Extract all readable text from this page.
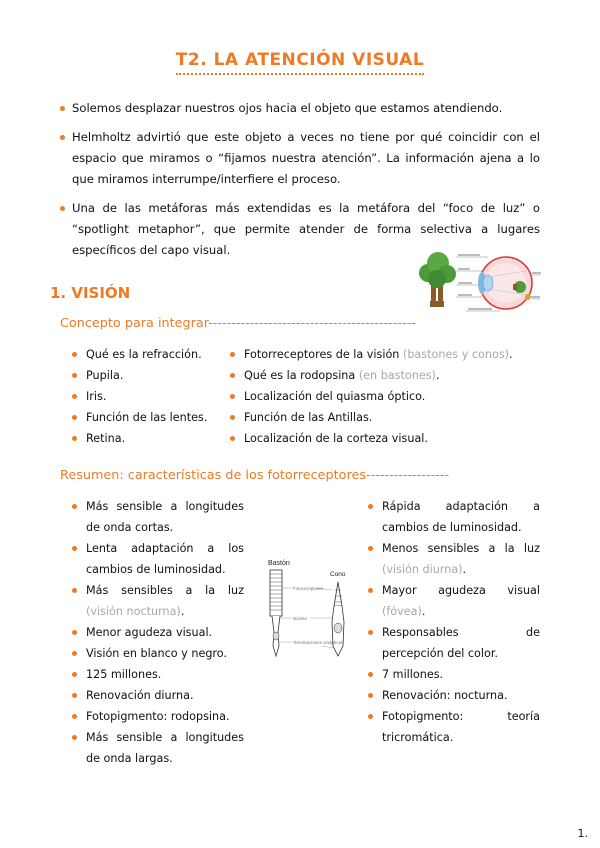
T2. LA ATENCIÓN VISUAL
Solemos desplazar nuestros ojos hacia el objeto que estamos atendiendo.
Helmholtz advirtió que este objeto a veces no tiene por qué coincidir con el espacio que miramos o “fijamos nuestra atención”. La información ajena a lo que miramos interrumpe/interfiere el proceso.
Una de las metáforas más extendidas es la metáfora del “foco de luz” o “spotlight metaphor”, que permite atender de forma selectiva a lugares específicos del capo visual.
1. VISIÓN
Concepto para integrar---------------------------------------------
Qué es la refracción.
Pupila.
Iris.
Función de las lentes.
Retina.
Fotorreceptores de la visión (bastones y conos).
Qué es la rodopsina (en bastones).
Localización del quiasma óptico.
Función de las Antillas.
Localización de la corteza visual.
Resumen: características de los fotorreceptores------------------
Más sensible a longitudes de onda cortas.
Lenta adaptación a los cambios de luminosidad.
Más sensibles a la luz (visión nocturna).
Menor agudeza visual.
Visión en blanco y negro.
125 millones.
Renovación diurna.
Fotopigmento: rodopsina.
Más sensible a longitudes de onda largas.
Bastón
Cono
Fotoreceptores
Núcleo
Terminaciones sinápticas
Rápida adaptación a cambios de luminosidad.
Menos sensibles a la luz (visión diurna).
Mayor agudeza visual (fóvea).
Responsables de percepción del color.
7 millones.
Renovación: nocturna.
Fotopigmento: teoría tricromática.
1.
